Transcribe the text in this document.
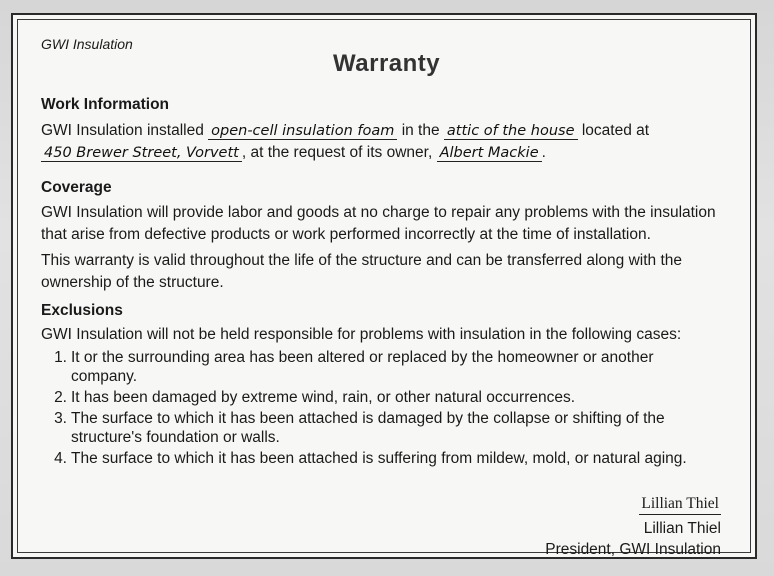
GWI Insulation
Warranty
Work Information
GWI Insulation installed open-cell insulation foam in the attic of the house located at
450 Brewer Street, Vorvett , at the request of its owner, Albert Mackie .
Coverage
GWI Insulation will provide labor and goods at no charge to repair any problems with the insulation that arise from defective products or work performed incorrectly at the time of installation.
This warranty is valid throughout the life of the structure and can be transferred along with the ownership of the structure.
Exclusions
GWI Insulation will not be held responsible for problems with insulation in the following cases:
1. It or the surrounding area has been altered or replaced by the homeowner or another company.
2. It has been damaged by extreme wind, rain, or other natural occurrences.
3. The surface to which it has been attached is damaged by the collapse or shifting of the structure's foundation or walls.
4. The surface to which it has been attached is suffering from mildew, mold, or natural aging.
Lillian Thiel
Lillian Thiel
President, GWI Insulation
